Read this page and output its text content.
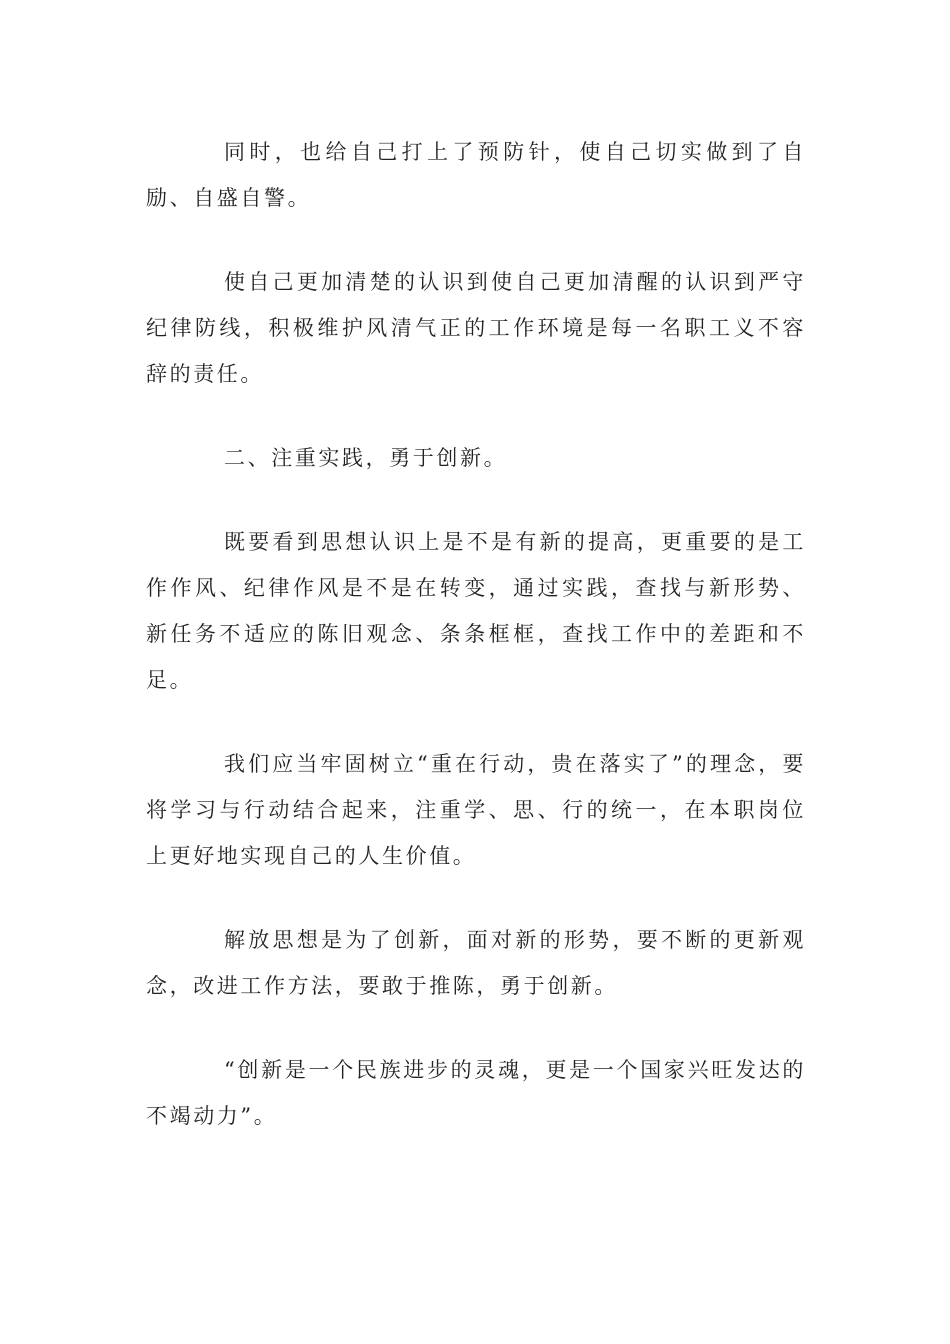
同时，也给自己打上了预防针，使自己切实做到了自励、自盛自警。

使自己更加清楚的认识到使自己更加清醒的认识到严守纪律防线，积极维护风清气正的工作环境是每一名职工义不容辞的责任。

二、注重实践，勇于创新。

既要看到思想认识上是不是有新的提高，更重要的是工作作风、纪律作风是不是在转变，通过实践，查找与新形势、新任务不适应的陈旧观念、条条框框，查找工作中的差距和不足。

我们应当牢固树立“重在行动，贵在落实了”的理念，要将学习与行动结合起来，注重学、思、行的统一，在本职岗位上更好地实现自己的人生价值。

解放思想是为了创新，面对新的形势，要不断的更新观念，改进工作方法，要敢于推陈，勇于创新。

“创新是一个民族进步的灵魂，更是一个国家兴旺发达的不竭动力”。
